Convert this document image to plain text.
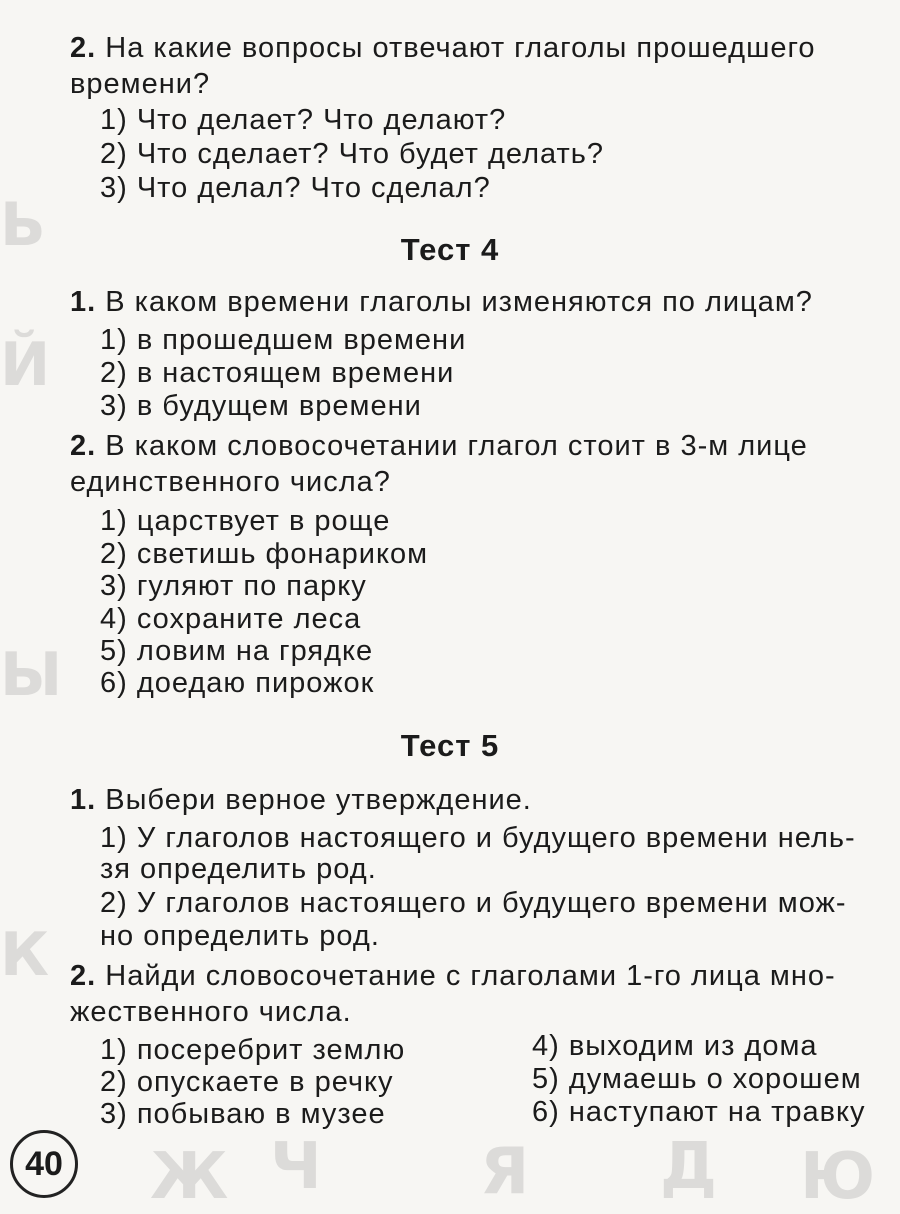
Ь
Й
Ы
К
Ж Ч Я Д Ю
2. На какие вопросы отвечают глаголы прошедшего
времени?
1) Что делает? Что делают?
2) Что сделает? Что будет делать?
3) Что делал? Что сделал?
Тест 4
1. В каком времени глаголы изменяются по лицам?
1) в прошедшем времени
2) в настоящем времени
3) в будущем времени
2. В каком словосочетании глагол стоит в 3-м лице
единственного числа?
1) царствует в роще
2) светишь фонариком
3) гуляют по парку
4) сохраните леса
5) ловим на грядке
6) доедаю пирожок
Тест 5
1. Выбери верное утверждение.
1) У глаголов настоящего и будущего времени нель-
зя определить род.
2) У глаголов настоящего и будущего времени мож-
но определить род.
2. Найди словосочетание с глаголами 1-го лица мно-
жественного числа.
1) посеребрит землю
2) опускаете в речку
3) побываю в музее
4) выходим из дома
5) думаешь о хорошем
6) наступают на травку
40
